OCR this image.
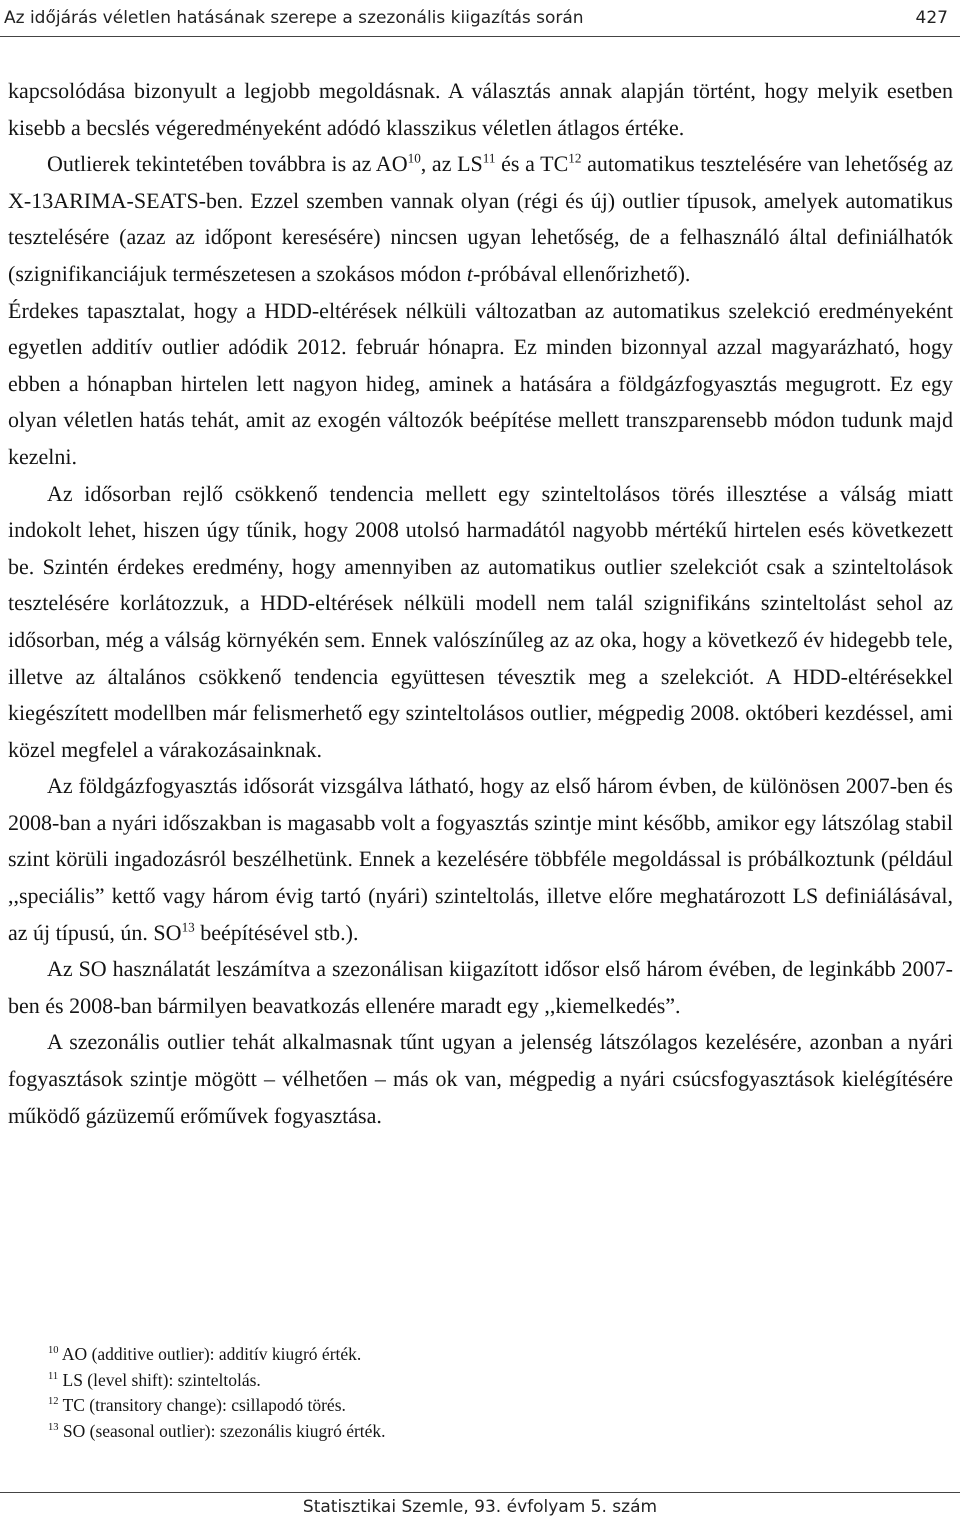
Az időjárás véletlen hatásának szerepe a szezonális kiigazítás során	427

kapcsolódása bizonyult a legjobb megoldásnak. A választás annak alapján történt, hogy melyik esetben kisebb a becslés végeredményeként adódó klasszikus véletlen átlagos értéke.

Outlierek tekintetében továbbra is az AO$^{10}$, az LS$^{11}$ és a TC$^{12}$ automatikus tesztelésére van lehetőség az X-13ARIMA-SEATS-ben. Ezzel szemben vannak olyan (régi és új) outlier típusok, amelyek automatikus tesztelésére (azaz az időpont keresésére) nincsen ugyan lehetőség, de a felhasználó által definiálhatók (szignifikanciájuk természetesen a szokásos módon t-próbával ellenőrizhető).

Érdekes tapasztalat, hogy a HDD-eltérések nélküli változatban az automatikus szelekció eredményeként egyetlen additív outlier adódik 2012. február hónapra. Ez minden bizonnyal azzal magyarázható, hogy ebben a hónapban hirtelen lett nagyon hideg, aminek a hatására a földgázfogyasztás megugrott. Ez egy olyan véletlen hatás tehát, amit az exogén változók beépítése mellett transzparensebb módon tudunk majd kezelni.

Az idősorban rejlő csökkenő tendencia mellett egy szinteltolásos törés illesztése a válság miatt indokolt lehet, hiszen úgy tűnik, hogy 2008 utolsó harmadától nagyobb mértékű hirtelen esés következett be. Szintén érdekes eredmény, hogy amennyiben az automatikus outlier szelekciót csak a szinteltolások tesztelésére korlátozzuk, a HDD-eltérések nélküli modell nem talál szignifikáns szinteltolást sehol az idősorban, még a válság környékén sem. Ennek valószínűleg az az oka, hogy a következő év hidegebb tele, illetve az általános csökkenő tendencia együttesen tévesztik meg a szelekciót. A HDD-eltérésekkel kiegészített modellben már felismerhető egy szinteltolásos outlier, mégpedig 2008. októberi kezdéssel, ami közel megfelel a várakozásainknak.

Az földgázfogyasztás idősorát vizsgálva látható, hogy az első három évben, de különösen 2007-ben és 2008-ban a nyári időszakban is magasabb volt a fogyasztás szintje mint később, amikor egy látszólag stabil szint körüli ingadozásról beszélhetünk. Ennek a kezelésére többféle megoldással is próbálkoztunk (például ,,speciális” kettő vagy három évig tartó (nyári) szinteltolás, illetve előre meghatározott LS definiálásával, az új típusú, ún. SO$^{13}$ beépítésével stb.).

Az SO használatát leszámítva a szezonálisan kiigazított idősor első három évében, de leginkább 2007-ben és 2008-ban bármilyen beavatkozás ellenére maradt egy ,,kiemelkedés”.

A szezonális outlier tehát alkalmasnak tűnt ugyan a jelenség látszólagos kezelésére, azonban a nyári fogyasztások szintje mögött – vélhetően – más ok van, mégpedig a nyári csúcsfogyasztások kielégítésére működő gázüzemű erőművek fogyasztása.

$^{10}$ AO (additive outlier): additív kiugró érték.

$^{11}$ LS (level shift): szinteltolás.

$^{12}$ TC (transitory change): csillapodó törés.

$^{13}$ SO (seasonal outlier): szezonális kiugró érték.

Statisztikai Szemle, 93. évfolyam 5. szám
